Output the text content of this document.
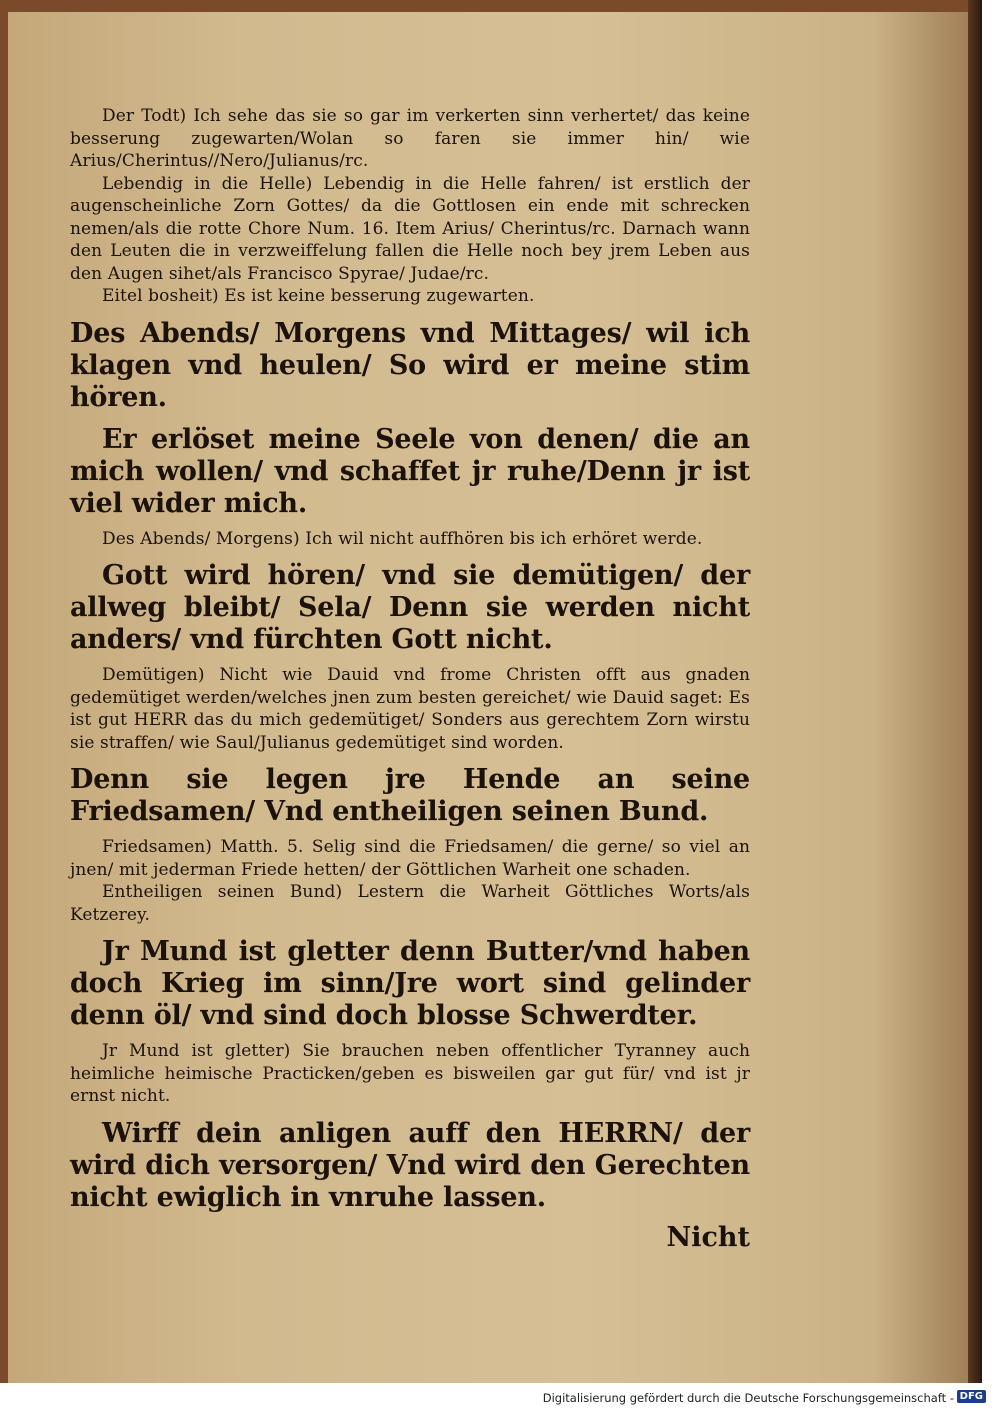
Der Todt) Ich sehe das sie so gar im verkerten sinn verhertet/ das keine besserung zugewarten/Wolan so faren sie immer hin/ wie Arius/Cherintus//Nero/Julianus/rc.

Lebendig in die Helle) Lebendig in die Helle fahren/ ist erstlich der augenscheinliche Zorn Gottes/ da die Gottlosen ein ende mit schrecken nemen/als die rotte Chore Num. 16. Item Arius/ Cherintus/rc. Darnach wann den Leuten die in verzweiffelung fallen die Helle noch bey jrem Leben aus den Augen sihet/als Francisco Spyrae/ Judae/rc.

Eitel bosheit) Es ist keine besserung zugewarten.

Des Abends/ Morgens vnd Mittages/ wil ich klagen vnd heulen/ So wird er meine stim hören.

Er erlöset meine Seele von denen/ die an mich wollen/ vnd schaffet jr ruhe/Denn jr ist viel wider mich.

Des Abends/ Morgens) Ich wil nicht auffhören bis ich erhöret werde.

Gott wird hören/ vnd sie demütigen/ der allweg bleibt/ Sela/ Denn sie werden nicht anders/ vnd fürchten Gott nicht.

Demütigen) Nicht wie Dauid vnd frome Christen offt aus gnaden gedemütiget werden/welches jnen zum besten gereichet/ wie Dauid saget: Es ist gut HERR das du mich gedemütiget/ Sonders aus gerechtem Zorn wirstu sie straffen/ wie Saul/Julianus gedemütiget sind worden.

Denn sie legen jre Hende an seine Friedsamen/ Vnd entheiligen seinen Bund.

Friedsamen) Matth. 5. Selig sind die Friedsamen/ die gerne/ so viel an jnen/ mit jederman Friede hetten/ der Göttlichen Warheit one schaden.

Entheiligen seinen Bund) Lestern die Warheit Göttliches Worts/als Ketzerey.

Jr Mund ist gletter denn Butter/vnd haben doch Krieg im sinn/Jre wort sind gelinder denn öl/ vnd sind doch blosse Schwerdter.

Jr Mund ist gletter) Sie brauchen neben offentlicher Tyranney auch heimliche heimische Practicken/geben es bisweilen gar gut für/ vnd ist jr ernst nicht.

Wirff dein anligen auff den HERRN/ der wird dich versorgen/ Vnd wird den Gerechten nicht ewiglich in vnruhe lassen.

Nicht
Digitalisierung gefördert durch die Deutsche Forschungsgemeinschaft - DFG
